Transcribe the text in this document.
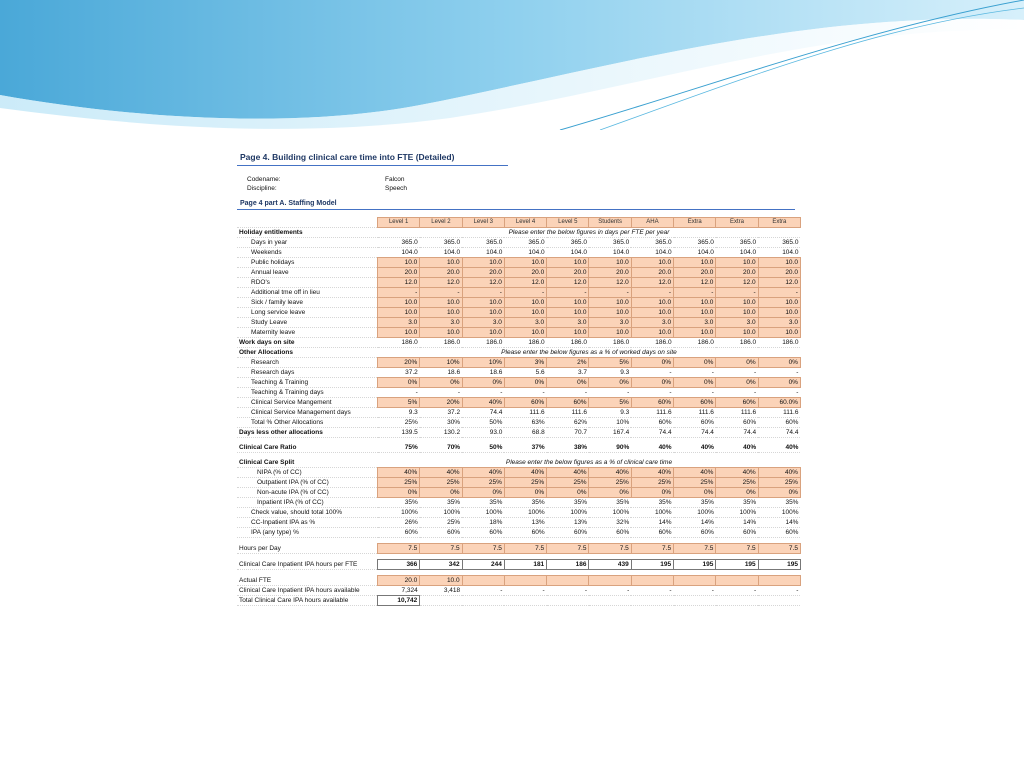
Page 4. Building clinical care time into FTE (Detailed)
Codename:	Falcon
Discipline:	Speech
Page 4 part A. Staffing Model
	Level 1	Level 2	Level 3	Level 4	Level 5	Students	AHA	Extra	Extra	Extra
Holiday entitlements	Please enter the below figures in days per FTE per year									
Days in year	365.0	365.0	365.0	365.0	365.0	365.0	365.0	365.0	365.0	365.0
Weekends	104.0	104.0	104.0	104.0	104.0	104.0	104.0	104.0	104.0	104.0
Public holidays	10.0	10.0	10.0	10.0	10.0	10.0	10.0	10.0	10.0	10.0
Annual leave	20.0	20.0	20.0	20.0	20.0	20.0	20.0	20.0	20.0	20.0
RDO's	12.0	12.0	12.0	12.0	12.0	12.0	12.0	12.0	12.0	12.0
Additional tme off in lieu	-	-	-	-	-	-	-	-	-	-
Sick / family leave	10.0	10.0	10.0	10.0	10.0	10.0	10.0	10.0	10.0	10.0
Long service leave	10.0	10.0	10.0	10.0	10.0	10.0	10.0	10.0	10.0	10.0
Study Leave	3.0	3.0	3.0	3.0	3.0	3.0	3.0	3.0	3.0	3.0
Maternity leave	10.0	10.0	10.0	10.0	10.0	10.0	10.0	10.0	10.0	10.0
Work days on site	186.0	186.0	186.0	186.0	186.0	186.0	186.0	186.0	186.0	186.0
Other Allocations	Please enter the below figures as a % of worked days on site									
Research	20%	10%	10%	3%	2%	5%	0%	0%	0%	0%
Research days	37.2	18.6	18.6	5.6	3.7	9.3	-	-	-	-
Teaching & Training	0%	0%	0%	0%	0%	0%	0%	0%	0%	0%
Teaching & Training days	-	-	-	-	-	-	-	-	-	-
Clinical Service Mangement	5%	20%	40%	60%	60%	5%	60%	60%	60%	60.0%
Clinical Service Management days	9.3	37.2	74.4	111.6	111.6	9.3	111.6	111.6	111.6	111.6
Total % Other Allocations	25%	30%	50%	63%	62%	10%	60%	60%	60%	60%
Days less other allocations	139.5	130.2	93.0	68.8	70.7	167.4	74.4	74.4	74.4	74.4

Clinical Care Ratio	75%	70%	50%	37%	38%	90%	40%	40%	40%	40%

Clinical Care Split	Please enter the below figures as a % of clinical care time									
NIPA (% of CC)	40%	40%	40%	40%	40%	40%	40%	40%	40%	40%
Outpatient IPA (% of CC)	25%	25%	25%	25%	25%	25%	25%	25%	25%	25%
Non-acute IPA (% of CC)	0%	0%	0%	0%	0%	0%	0%	0%	0%	0%
Inpatient IPA (% of CC)	35%	35%	35%	35%	35%	35%	35%	35%	35%	35%
Check value, should total 100%	100%	100%	100%	100%	100%	100%	100%	100%	100%	100%
CC-Inpatient IPA as %	26%	25%	18%	13%	13%	32%	14%	14%	14%	14%
IPA (any type) %	60%	60%	60%	60%	60%	60%	60%	60%	60%	60%

Hours per Day	7.5	7.5	7.5	7.5	7.5	7.5	7.5	7.5	7.5	7.5

Clinical Care Inpatient IPA hours per FTE	366	342	244	181	186	439	195	195	195	195

Actual FTE	20.0	10.0								
Clinical Care Inpatient IPA hours available	7,324	3,418	-	-	-	-	-	-	-	-
Total Clinical Care IPA hours available	10,742									
